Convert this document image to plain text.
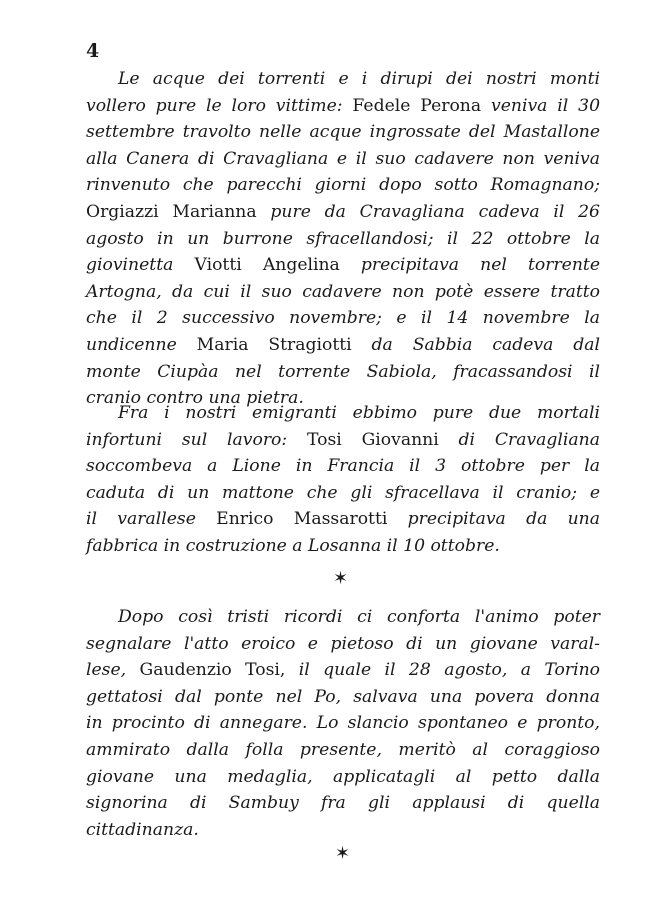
4
Le acque dei torrenti e i dirupi dei nostri monti
vollero pure le loro vittime: Fedele Perona veniva il 30
settembre travolto nelle acque ingrossate del Mastallone
alla Canera di Cravagliana e il suo cadavere non veniva
rinvenuto che parecchi giorni dopo sotto Romagnano;
Orgiazzi Marianna pure da Cravagliana cadeva il 26
agosto in un burrone sfracellandosi; il 22 ottobre la
giovinetta Viotti Angelina precipitava nel torrente
Artogna, da cui il suo cadavere non potè essere tratto
che il 2 successivo novembre; e il 14 novembre la
undicenne Maria Stragiotti da Sabbia cadeva dal
monte Ciupàa nel torrente Sabiola, fracassandosi il
cranio contro una pietra.
Fra i nostri emigranti ebbimo pure due mortali
infortuni sul lavoro: Tosi Giovanni di Cravagliana
soccombeva a Lione in Francia il 3 ottobre per la
caduta di un mattone che gli sfracellava il cranio; e
il varallese Enrico Massarotti precipitava da una
fabbrica in costruzione a Losanna il 10 ottobre.
✶
Dopo così tristi ricordi ci conforta l'animo poter
segnalare l'atto eroico e pietoso di un giovane varal-
lese, Gaudenzio Tosi, il quale il 28 agosto, a Torino
gettatosi dal ponte nel Po, salvava una povera donna
in procinto di annegare. Lo slancio spontaneo e pronto,
ammirato dalla folla presente, meritò al coraggioso
giovane una medaglia, applicatagli al petto dalla
signorina di Sambuy fra gli applausi di quella
cittadinanza.
✶
